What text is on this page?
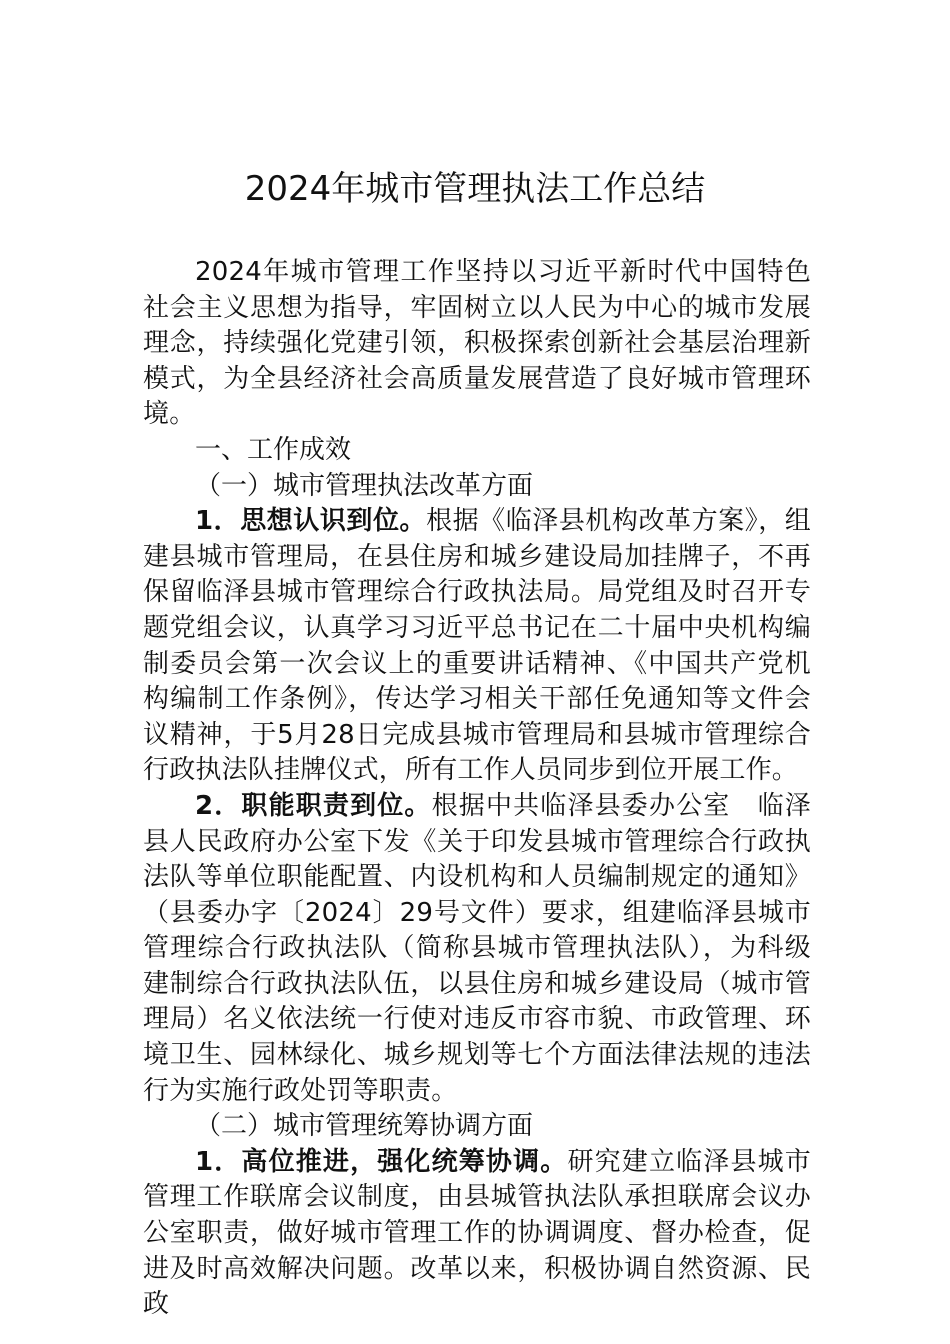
2024年城市管理执法工作总结

2024年城市管理工作坚持以习近平新时代中国特色社会主义思想为指导，牢固树立以人民为中心的城市发展理念，持续强化党建引领，积极探索创新社会基层治理新模式，为全县经济社会高质量发展营造了良好城市管理环境。

一、工作成效

（一）城市管理执法改革方面

1．思想认识到位。根据《临泽县机构改革方案》，组建县城市管理局，在县住房和城乡建设局加挂牌子，不再保留临泽县城市管理综合行政执法局。局党组及时召开专题党组会议，认真学习习近平总书记在二十届中央机构编制委员会第一次会议上的重要讲话精神、《中国共产党机构编制工作条例》，传达学习相关干部任免通知等文件会议精神，于5月28日完成县城市管理局和县城市管理综合行政执法队挂牌仪式，所有工作人员同步到位开展工作。

2．职能职责到位。根据中共临泽县委办公室　临泽县人民政府办公室下发《关于印发县城市管理综合行政执法队等单位职能配置、内设机构和人员编制规定的通知》（县委办字〔2024〕29号文件）要求，组建临泽县城市管理综合行政执法队（简称县城市管理执法队），为科级建制综合行政执法队伍，以县住房和城乡建设局（城市管理局）名义依法统一行使对违反市容市貌、市政管理、环境卫生、园林绿化、城乡规划等七个方面法律法规的违法行为实施行政处罚等职责。

（二）城市管理统筹协调方面

1．高位推进，强化统筹协调。研究建立临泽县城市管理工作联席会议制度，由县城管执法队承担联席会议办公室职责，做好城市管理工作的协调调度、督办检查，促进及时高效解决问题。改革以来，积极协调自然资源、民政
